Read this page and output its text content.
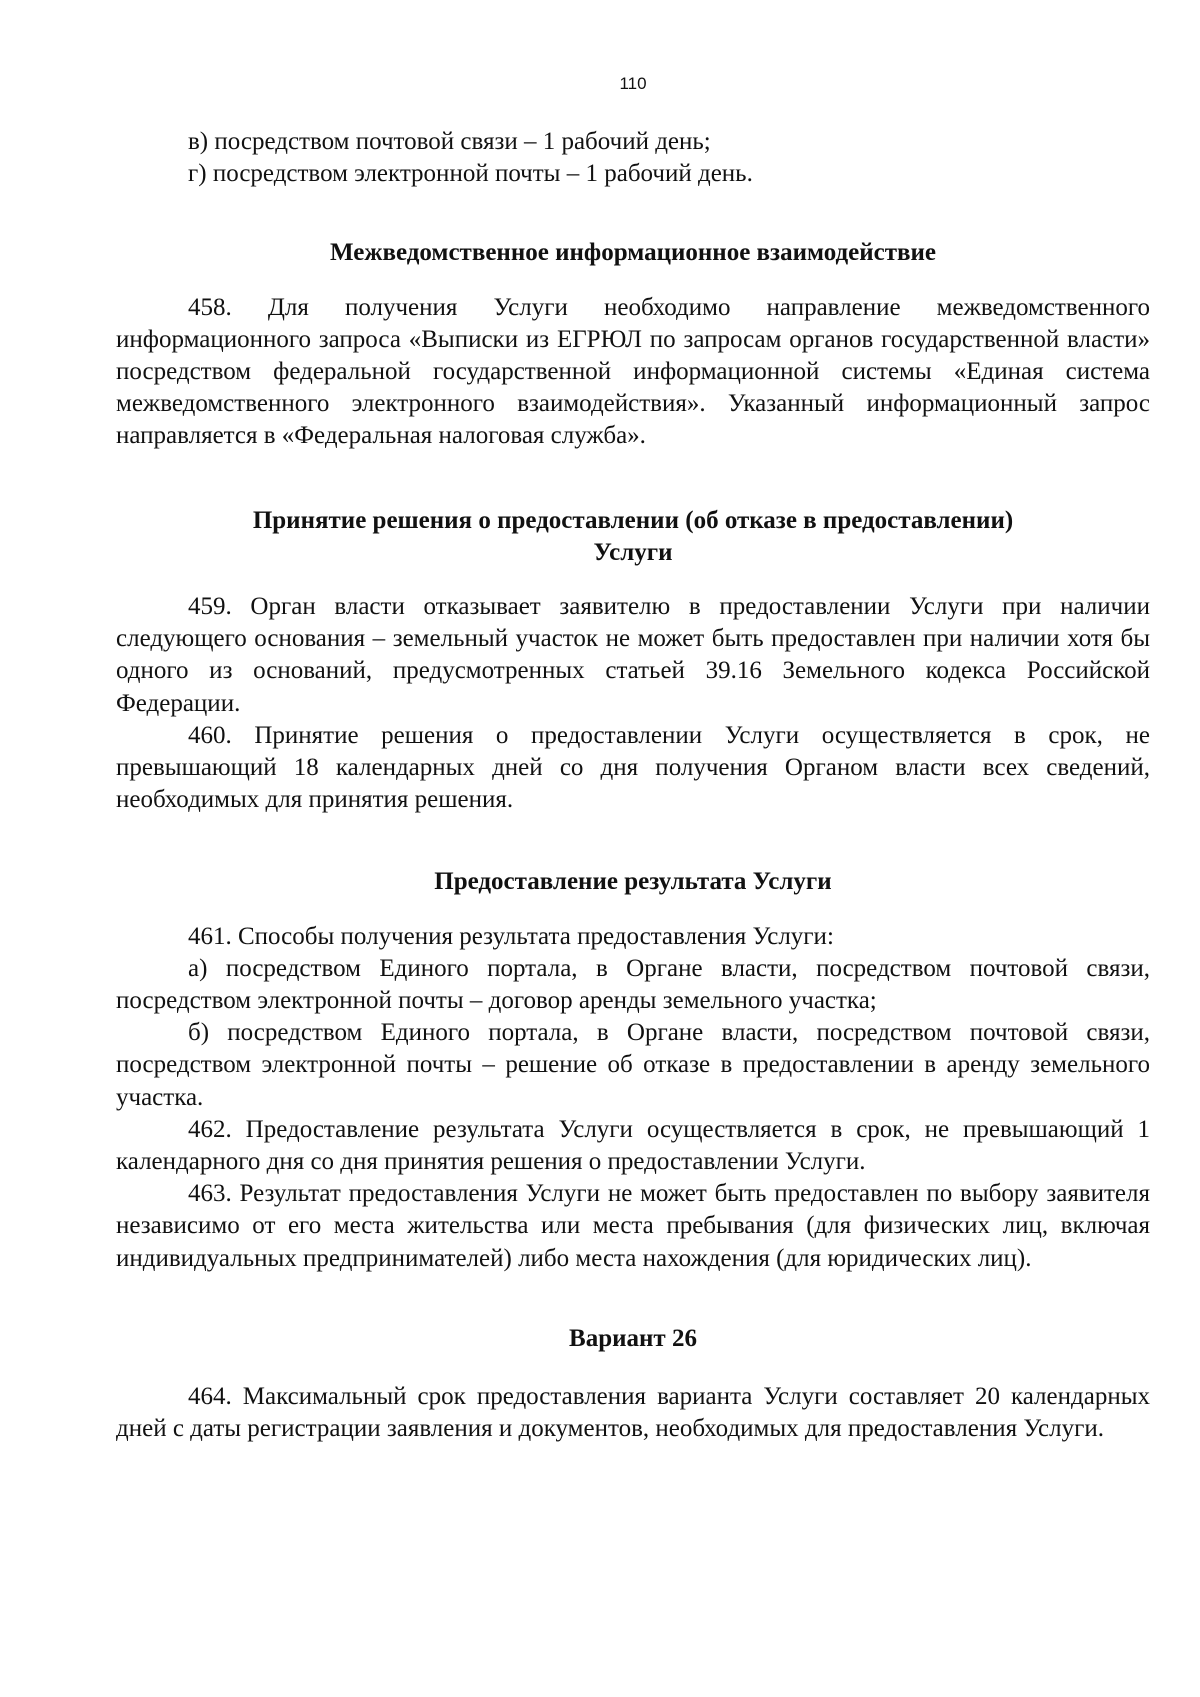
110
в) посредством почтовой связи – 1 рабочий день;
г) посредством электронной почты – 1 рабочий день.
Межведомственное информационное взаимодействие

458. Для получения Услуги необходимо направление межведомственного информационного запроса «Выписки из ЕГРЮЛ по запросам органов государственной власти» посредством федеральной государственной информационной системы «Единая система межведомственного электронного взаимодействия». Указанный информационный запрос направляется в «Федеральная налоговая служба».

Принятие решения о предоставлении (об отказе в предоставлении)
Услуги

459. Орган власти отказывает заявителю в предоставлении Услуги при наличии следующего основания – земельный участок не может быть предоставлен при наличии хотя бы одного из оснований, предусмотренных статьей 39.16 Земельного кодекса Российской Федерации.

460. Принятие решения о предоставлении Услуги осуществляется в срок, не превышающий 18 календарных дней со дня получения Органом власти всех сведений, необходимых для принятия решения.

Предоставление результата Услуги

461. Способы получения результата предоставления Услуги:

а) посредством Единого портала, в Органе власти, посредством почтовой связи, посредством электронной почты – договор аренды земельного участка;

б) посредством Единого портала, в Органе власти, посредством почтовой связи, посредством электронной почты – решение об отказе в предоставлении в аренду земельного участка.

462. Предоставление результата Услуги осуществляется в срок, не превышающий 1 календарного дня со дня принятия решения о предоставлении Услуги.

463. Результат предоставления Услуги не может быть предоставлен по выбору заявителя независимо от его места жительства или места пребывания (для физических лиц, включая индивидуальных предпринимателей) либо места нахождения (для юридических лиц).

Вариант 26

464. Максимальный срок предоставления варианта Услуги составляет 20 календарных дней с даты регистрации заявления и документов, необходимых для предоставления Услуги.
